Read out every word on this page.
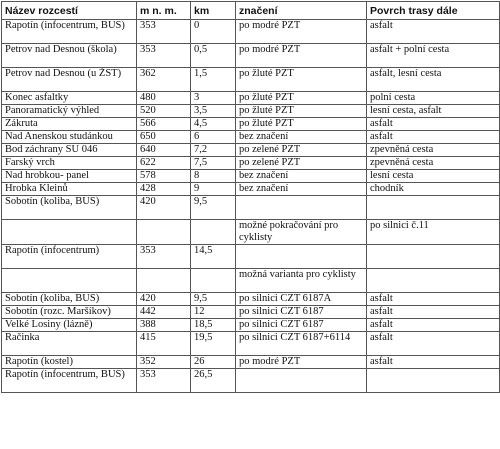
Název rozcestí	m n. m.	km	značení	Povrch trasy dále
Rapotín (infocentrum, BUS)	353	0	po modré PZT	asfalt
Petrov nad Desnou (škola)	353	0,5	po modré PZT	asfalt + polní cesta
Petrov nad Desnou (u ŽST)	362	1,5	po žluté PZT	asfalt, lesní cesta
Konec asfaltky	480	3	po žluté PZT	polní cesta
Panoramatický výhled	520	3,5	po žluté PZT	lesní cesta, asfalt
Zákruta	566	4,5	po žluté PZT	asfalt
Nad Anenskou studánkou	650	6	bez značení	asfalt
Bod záchrany SU 046	640	7,2	po zelené PZT	zpevněná cesta
Farský vrch	622	7,5	po zelené PZT	zpevněná cesta
Nad hrobkou- panel	578	8	bez značení	lesní cesta
Hrobka Kleinů	428	9	bez značení	chodník
Sobotín (koliba, BUS)	420	9,5		
			možné pokračování pro cyklisty	po silnici č.11
Rapotín (infocentrum)	353	14,5		
			možná varianta pro cyklisty	
Sobotín (koliba, BUS)	420	9,5	po silnici CZT 6187A	asfalt
Sobotín (rozc. Maršíkov)	442	12	po silnici CZT 6187	asfalt
Velké Losiny (lázně)	388	18,5	po silnici CZT 6187	asfalt
Račinka	415	19,5	po silnici CZT 6187+6114	asfalt
Rapotín (kostel)	352	26	po modré PZT	asfalt
Rapotín (infocentrum, BUS)	353	26,5		
